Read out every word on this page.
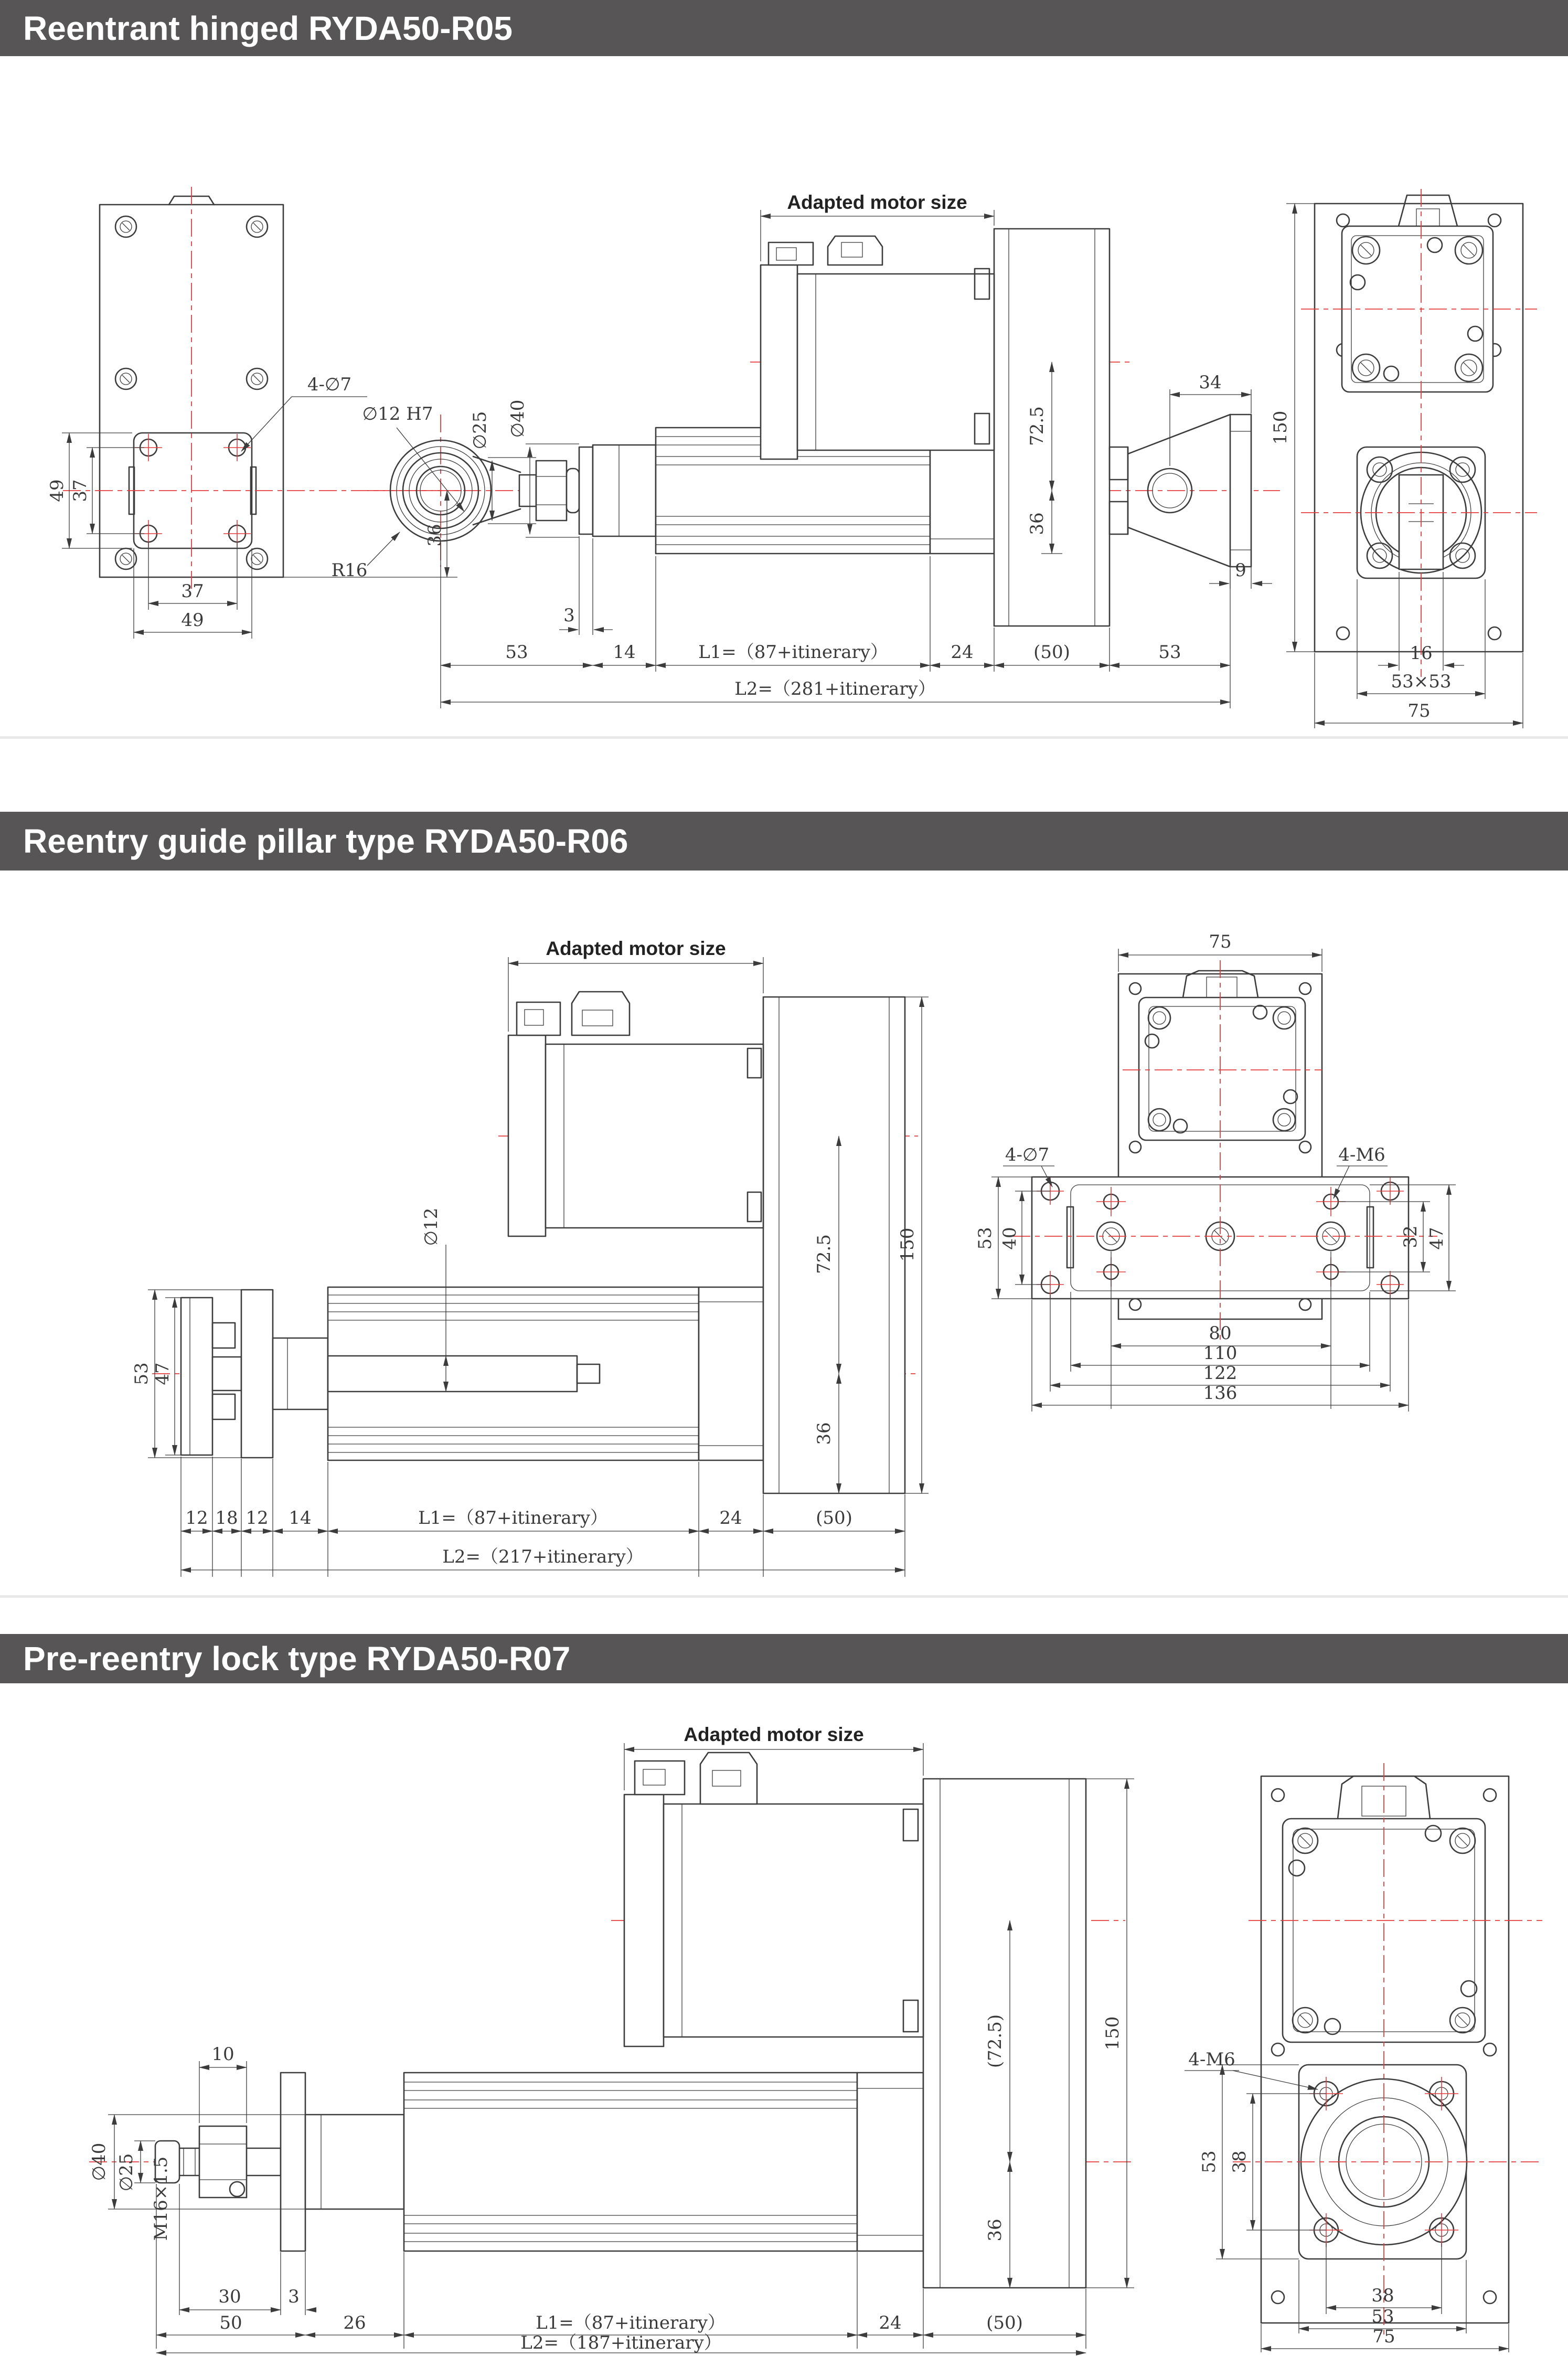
Reentrant hinged RYDA50-R05
49 37
36
4-∅7
37
49
Adapted motor size
72.5
36
34
9
∅12 H7
R16
∅25 ∅40
3
53	14	L1=（87+itinerary）	24	(50)	53
L2=（281+itinerary）
150
16
53×53
75
Reentry guide pillar type RYDA50-R06
Adapted motor size
∅12
53 47
72.5
36
150
12 18 12 14	L1=（87+itinerary）	24	(50)
L2=（217+itinerary）
4-∅7	4-M6
75
53 40	32 47
80
110
122
136
Pre-reentry lock type RYDA50-R07
Adapted motor size
10
∅40 ∅25 M16×1.5
30	3
50	26	L1=（87+itinerary）	24	(50)
L2=（187+itinerary）
(72.5)
36
150
4-M6
53 38
38
53
75
